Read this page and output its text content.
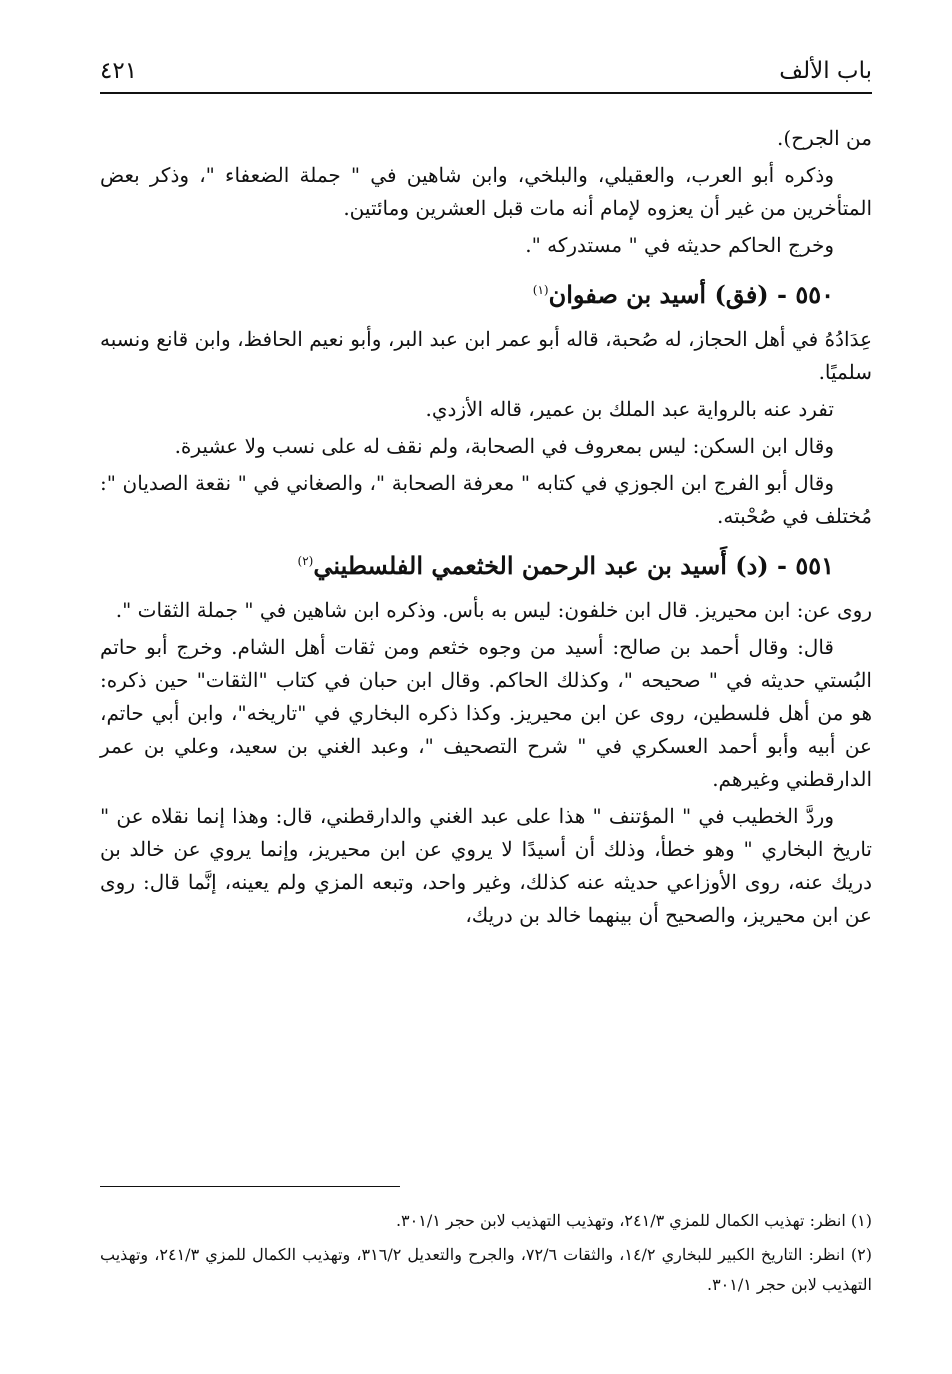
باب الألف
٤٢١

من الجرح).

وذكره أبو العرب، والعقيلي، والبلخي، وابن شاهين في " جملة الضعفاء "، وذكر بعض المتأخرين من غير أن يعزوه لإمام أنه مات قبل العشرين ومائتين.

وخرج الحاكم حديثه في " مستدركه ".

٥٥٠ - (فق) أسيد بن صفوان$^{(١)}$

عِدَادُهُ في أهل الحجاز، له صُحبة، قاله أبو عمر ابن عبد البر، وأبو نعيم الحافظ، وابن قانع ونسبه سلميًا.

تفرد عنه بالرواية عبد الملك بن عمير، قاله الأزدي.

وقال ابن السكن: ليس بمعروف في الصحابة، ولم نقف له على نسب ولا عشيرة.

وقال أبو الفرج ابن الجوزي في كتابه " معرفة الصحابة "، والصغاني في " نقعة الصديان ": مُختلف في صُحْبته.

٥٥١ - (د) أَسيد بن عبد الرحمن الخثعمي الفلسطيني$^{(٢)}$

روى عن: ابن محيريز. قال ابن خلفون: ليس به بأس. وذكره ابن شاهين في " جملة الثقات ".

قال: وقال أحمد بن صالح: أسيد من وجوه خثعم ومن ثقات أهل الشام. وخرج أبو حاتم البُستي حديثه في " صحيحه "، وكذلك الحاكم. وقال ابن حبان في كتاب "الثقات" حين ذكره: هو من أهل فلسطين، روى عن ابن محيريز. وكذا ذكره البخاري في "تاريخه"، وابن أبي حاتم، عن أبيه وأبو أحمد العسكري في " شرح التصحيف "، وعبد الغني بن سعيد، وعلي بن عمر الدارقطني وغيرهم.

وردَّ الخطيب في " المؤتنف " هذا على عبد الغني والدارقطني، قال: وهذا إنما نقلاه عن " تاريخ البخاري " وهو خطأ، وذلك أن أسيدًا لا يروي عن ابن محيريز، وإنما يروي عن خالد بن دريك عنه، روى الأوزاعي حديثه عنه كذلك، وغير واحد، وتبعه المزي ولم يعينه، إنَّما قال: روى عن ابن محيريز، والصحيح أن بينهما خالد بن دريك،

(١) انظر: تهذيب الكمال للمزي ٢٤١/٣، وتهذيب التهذيب لابن حجر ٣٠١/١.

(٢) انظر: التاريخ الكبير للبخاري ١٤/٢، والثقات ٧٢/٦، والجرح والتعديل ٣١٦/٢، وتهذيب الكمال للمزي ٢٤١/٣، وتهذيب التهذيب لابن حجر ٣٠١/١.
